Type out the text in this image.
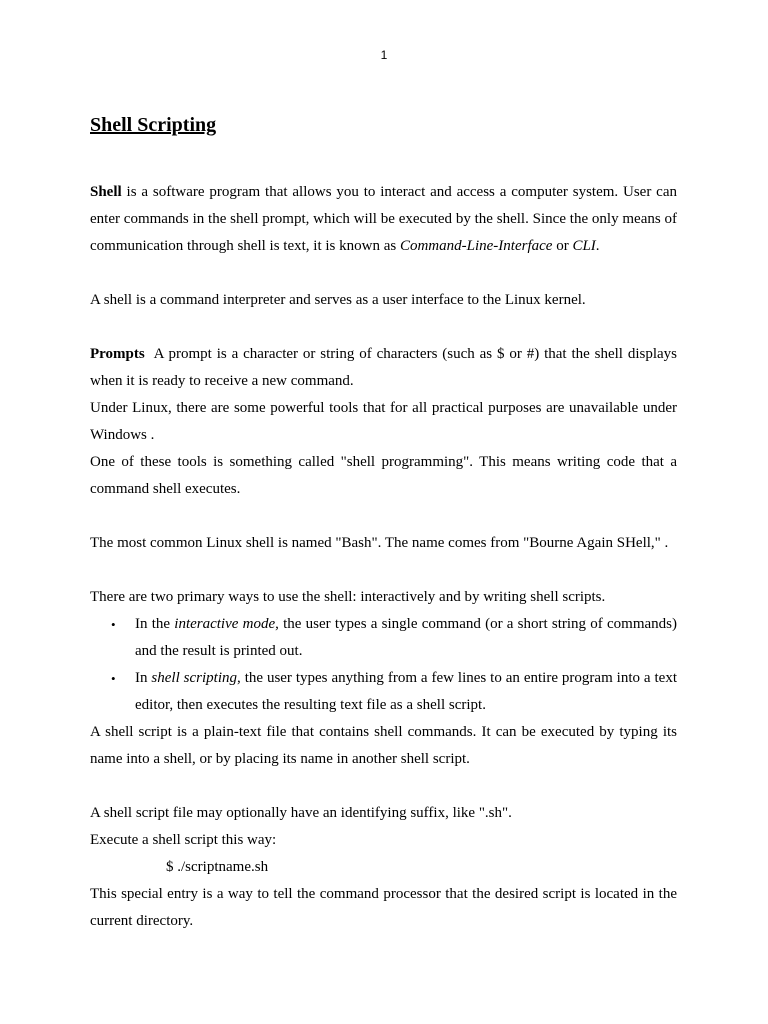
1
Shell Scripting

Shell is a software program that allows you to interact and access a computer system. User can enter commands in the shell prompt, which will be executed by the shell. Since the only means of communication through shell is text, it is known as Command-Line-Interface or CLI.

A shell is a command interpreter and serves as a user interface to the Linux kernel.

Prompts  A prompt is a character or string of characters (such as $ or #) that the shell displays when it is ready to receive a new command.

Under Linux, there are some powerful tools that for all practical purposes are unavailable under Windows .

One of these tools is something called "shell programming". This means writing code that a command shell executes.

The most common Linux shell is named "Bash". The name comes from "Bourne Again SHell," .

There are two primary ways to use the shell: interactively and by writing shell scripts.

• In the interactive mode, the user types a single command (or a short string of commands) and the result is printed out.
• In shell scripting, the user types anything from a few lines to an entire program into a text editor, then executes the resulting text file as a shell script.

A shell script is a plain-text file that contains shell commands. It can be executed by typing its name into a shell, or by placing its name in another shell script.

A shell script file may optionally have an identifying suffix, like ".sh".

Execute a shell script this way:

$ ./scriptname.sh

This special entry is a way to tell the command processor that the desired script is located in the current directory.
